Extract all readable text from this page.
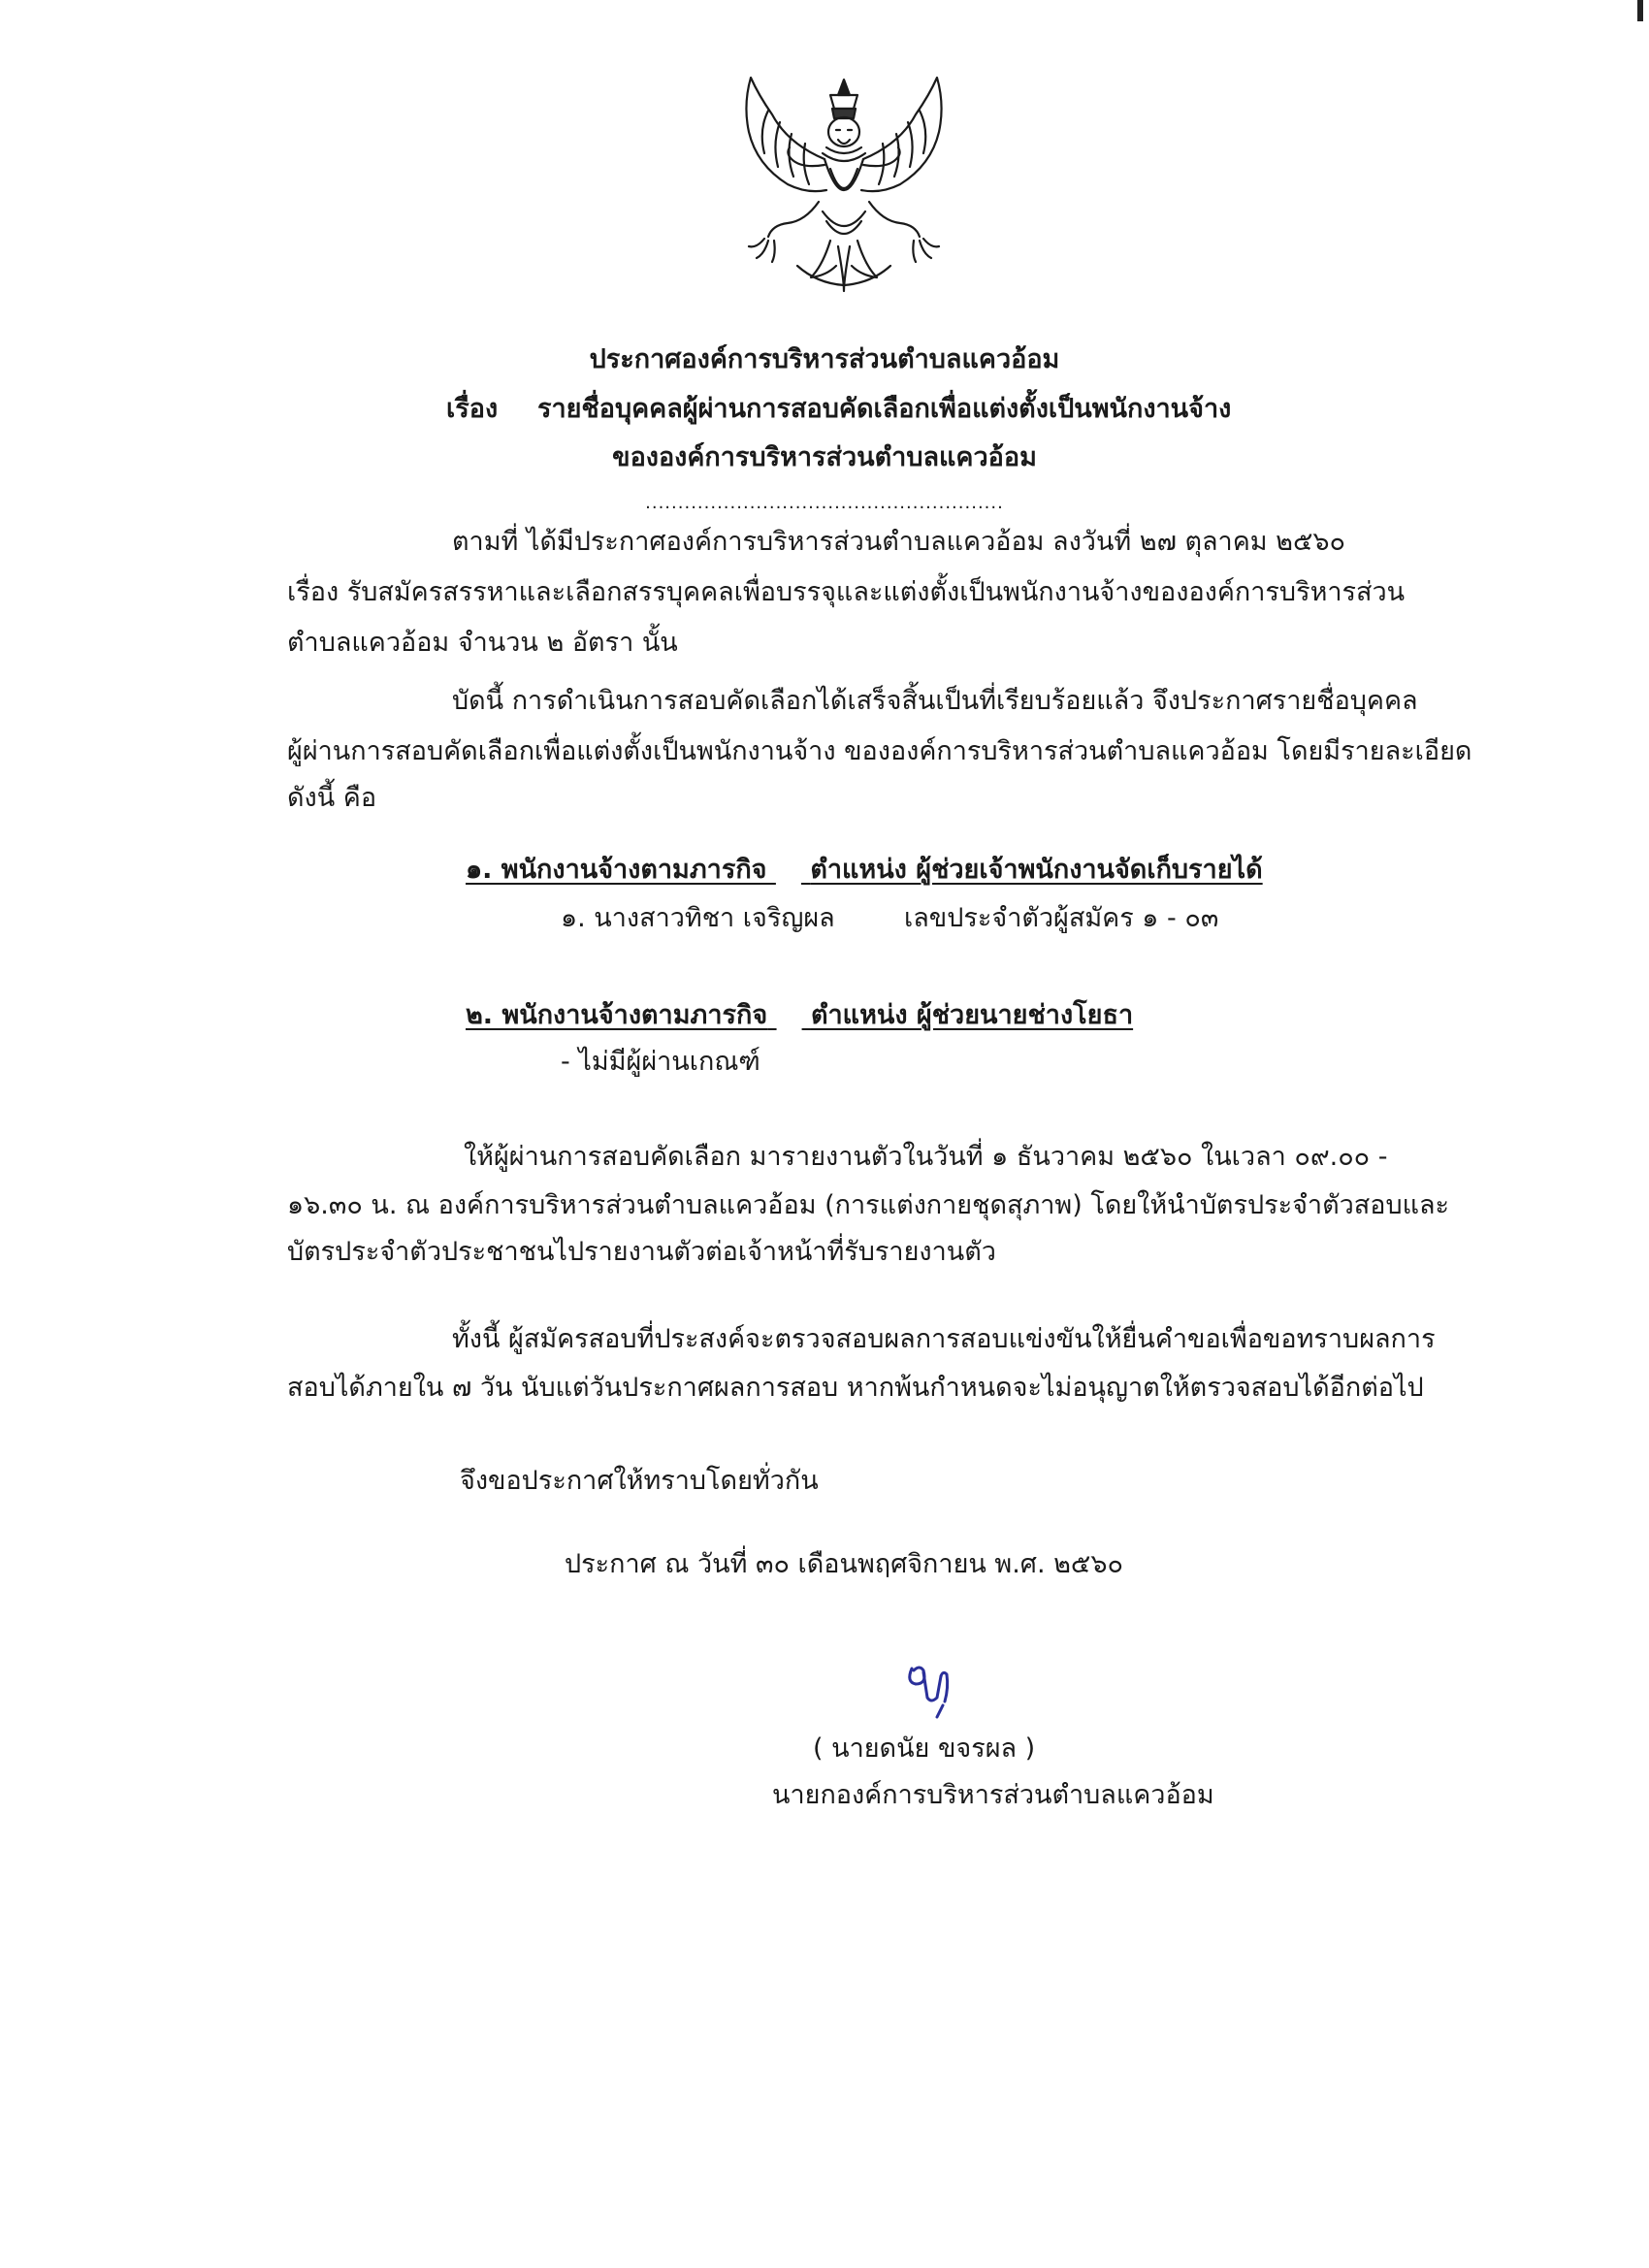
ประกาศองค์การบริหารส่วนตำบลแควอ้อม
เรื่อง รายชื่อบุคคลผู้ผ่านการสอบคัดเลือกเพื่อแต่งตั้งเป็นพนักงานจ้าง
ขององค์การบริหารส่วนตำบลแควอ้อม
.......................................................
ตามที่ ได้มีประกาศองค์การบริหารส่วนตำบลแควอ้อม ลงวันที่ ๒๗ ตุลาคม ๒๕๖๐
เรื่อง รับสมัครสรรหาและเลือกสรรบุคคลเพื่อบรรจุและแต่งตั้งเป็นพนักงานจ้างขององค์การบริหารส่วน
ตำบลแควอ้อม จำนวน ๒ อัตรา นั้น
บัดนี้ การดำเนินการสอบคัดเลือกได้เสร็จสิ้นเป็นที่เรียบร้อยแล้ว จึงประกาศรายชื่อบุคคล
ผู้ผ่านการสอบคัดเลือกเพื่อแต่งตั้งเป็นพนักงานจ้าง ขององค์การบริหารส่วนตำบลแควอ้อม โดยมีรายละเอียด
ดังนี้ คือ
๑. พนักงานจ้างตามภารกิจ ตำแหน่ง ผู้ช่วยเจ้าพนักงานจัดเก็บรายได้
๑. นางสาวทิชา เจริญผล	เลขประจำตัวผู้สมัคร ๑ - ๐๓
๒. พนักงานจ้างตามภารกิจ ตำแหน่ง ผู้ช่วยนายช่างโยธา
- ไม่มีผู้ผ่านเกณฑ์
ให้ผู้ผ่านการสอบคัดเลือก มารายงานตัวในวันที่ ๑ ธันวาคม ๒๕๖๐ ในเวลา ๐๙.๐๐ -
๑๖.๓๐ น. ณ องค์การบริหารส่วนตำบลแควอ้อม (การแต่งกายชุดสุภาพ) โดยให้นำบัตรประจำตัวสอบและ
บัตรประจำตัวประชาชนไปรายงานตัวต่อเจ้าหน้าที่รับรายงานตัว
ทั้งนี้ ผู้สมัครสอบที่ประสงค์จะตรวจสอบผลการสอบแข่งขันให้ยื่นคำขอเพื่อขอทราบผลการ
สอบได้ภายใน ๗ วัน นับแต่วันประกาศผลการสอบ หากพ้นกำหนดจะไม่อนุญาตให้ตรวจสอบได้อีกต่อไป
จึงขอประกาศให้ทราบโดยทั่วกัน
ประกาศ ณ วันที่ ๓๐ เดือนพฤศจิกายน พ.ศ. ๒๕๖๐
( นายดนัย ขจรผล )
นายกองค์การบริหารส่วนตำบลแควอ้อม
